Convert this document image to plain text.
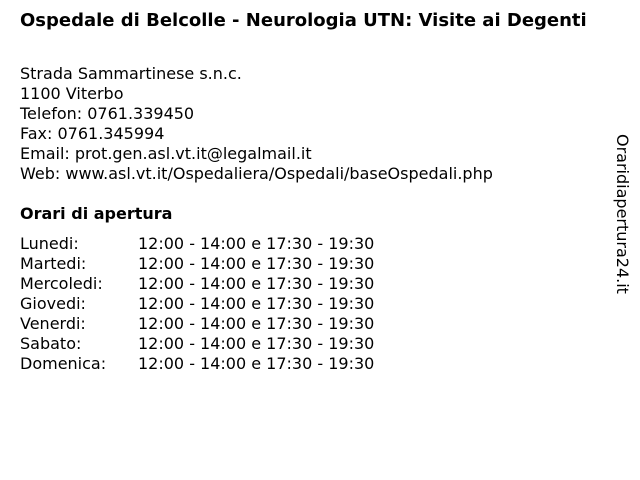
Ospedale di Belcolle - Neurologia UTN: Visite ai Degenti
Strada Sammartinese s.n.c.
1100 Viterbo
Telefon: 0761.339450
Fax: 0761.345994
Email: prot.gen.asl.vt.it@legalmail.it
Web: www.asl.vt.it/Ospedaliera/Ospedali/baseOspedali.php
Orari di apertura
Lunedi:	12:00 - 14:00 e 17:30 - 19:30
Martedi:	12:00 - 14:00 e 17:30 - 19:30
Mercoledi:	12:00 - 14:00 e 17:30 - 19:30
Giovedi:	12:00 - 14:00 e 17:30 - 19:30
Venerdi:	12:00 - 14:00 e 17:30 - 19:30
Sabato:	12:00 - 14:00 e 17:30 - 19:30
Domenica:	12:00 - 14:00 e 17:30 - 19:30
Oraridiapertura24.it
